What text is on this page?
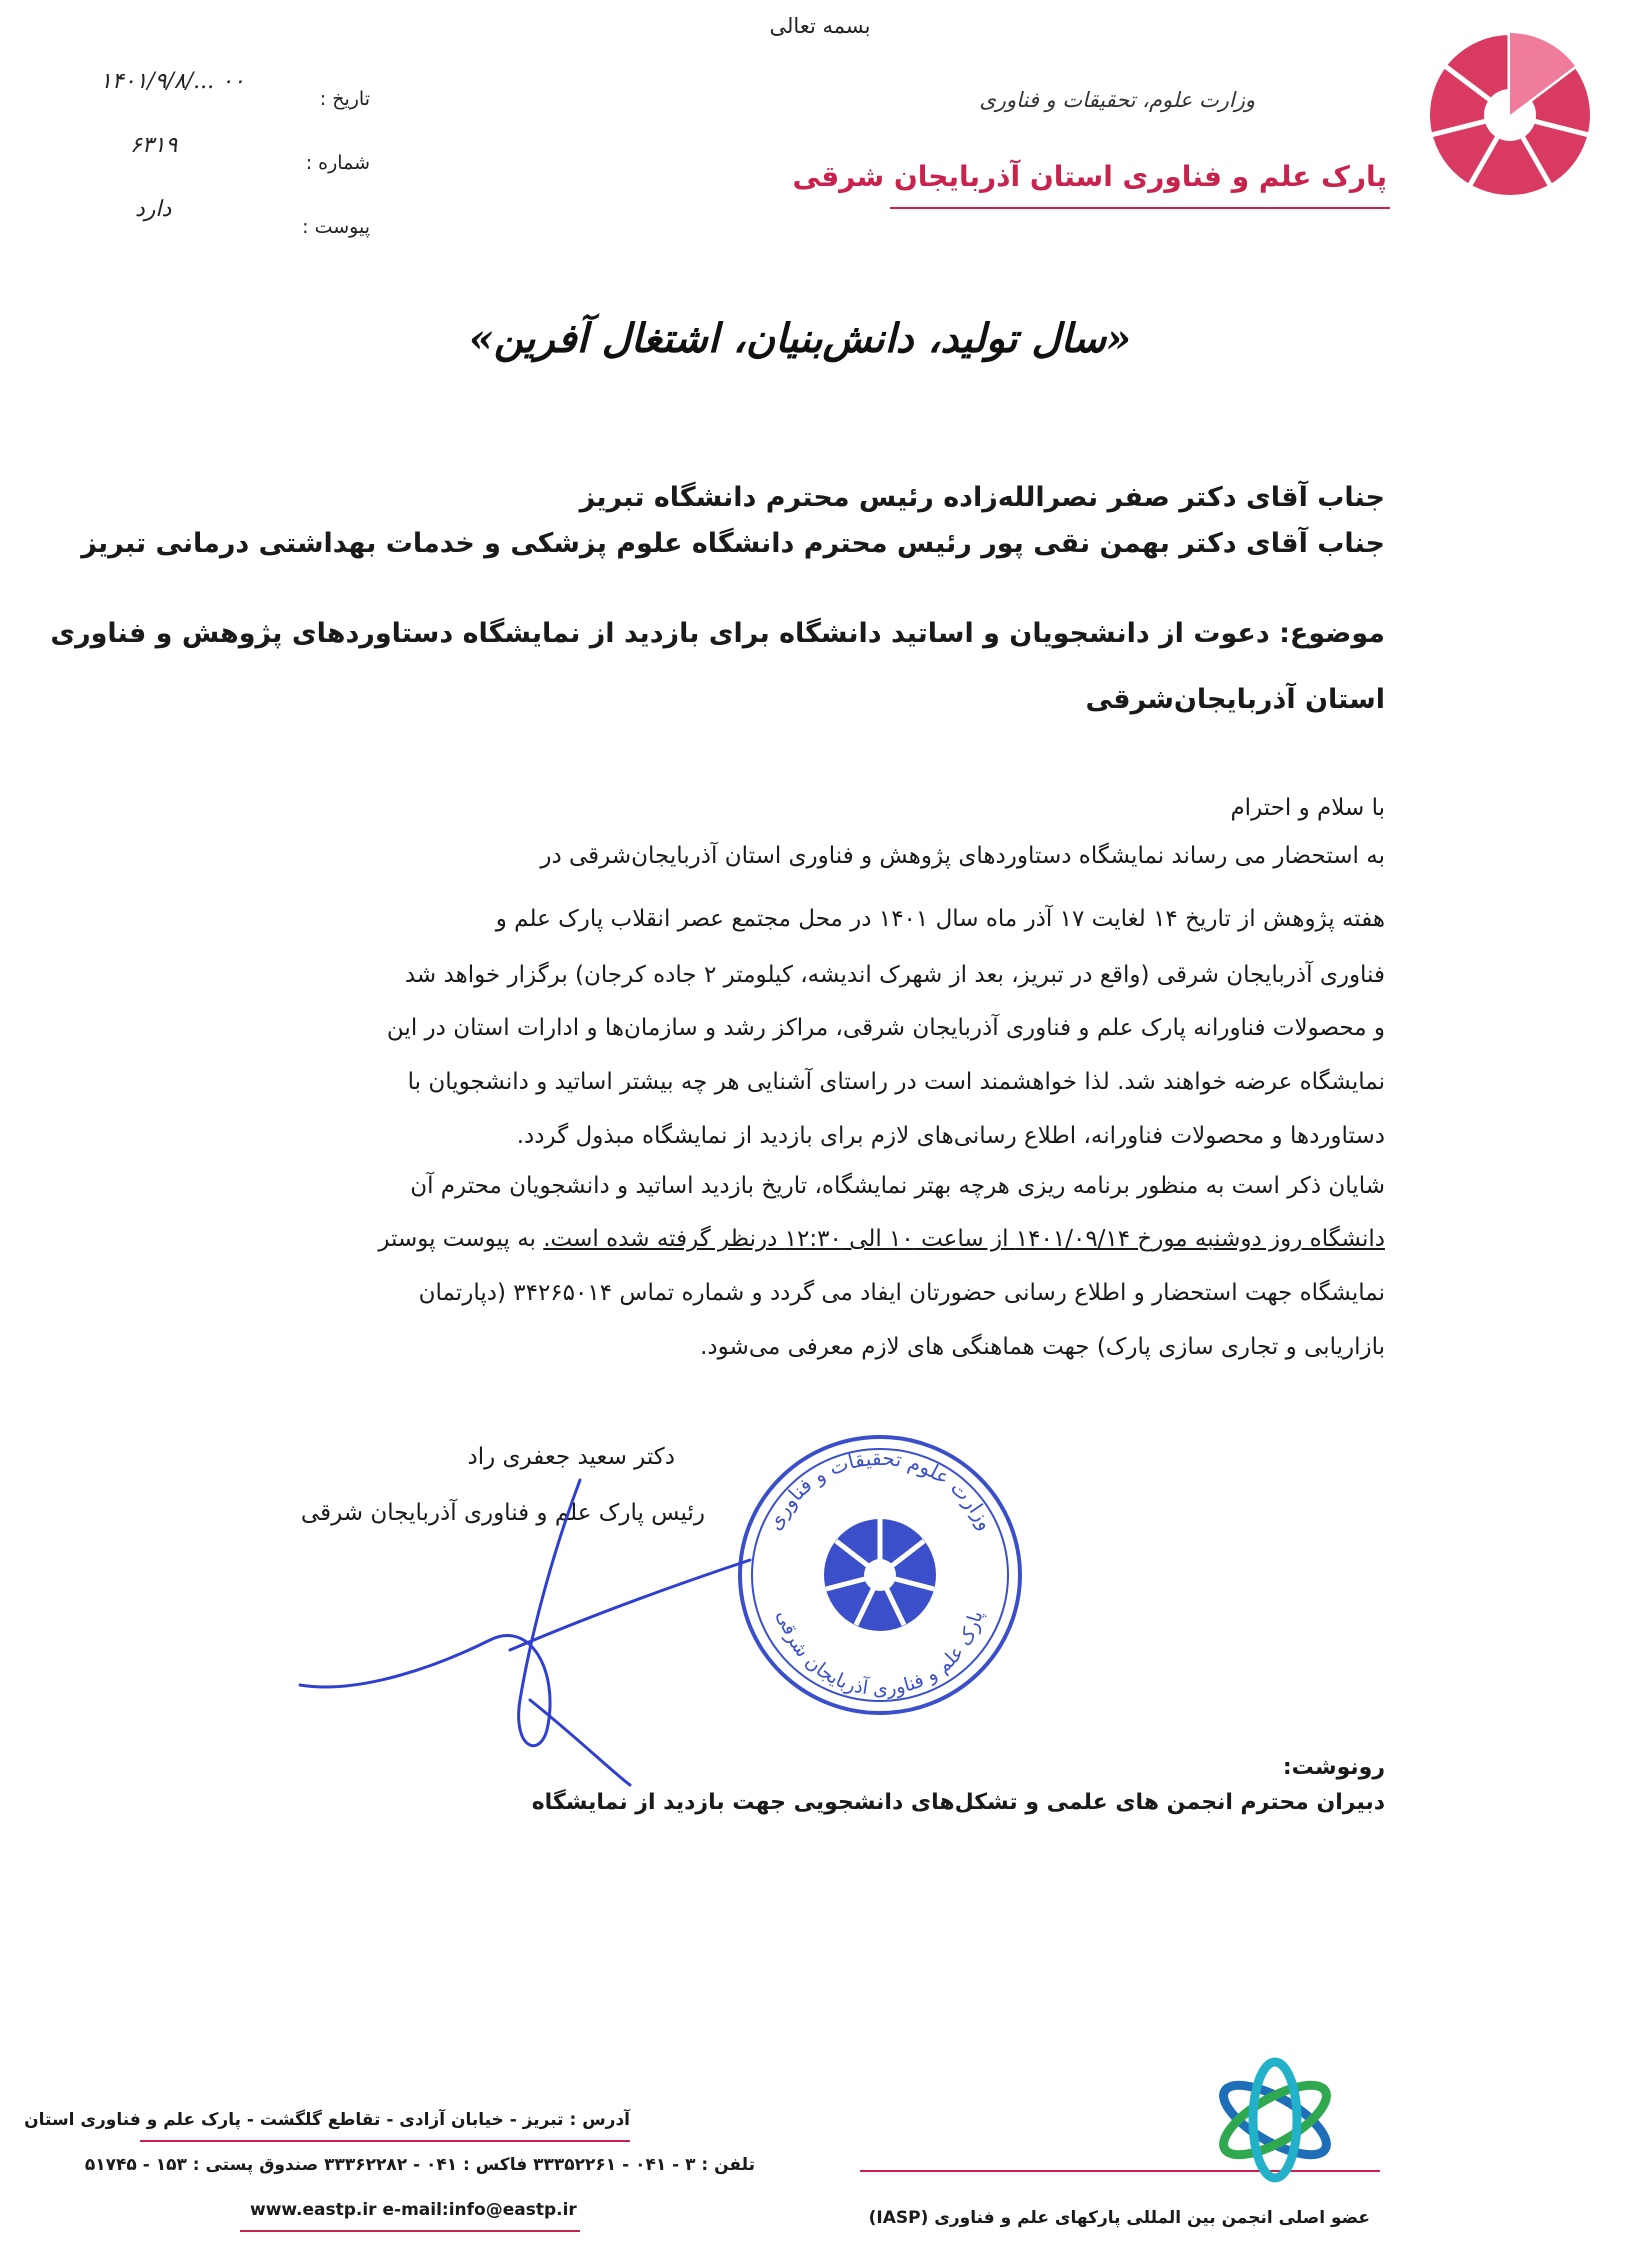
بسمه تعالی
وزارت علوم، تحقیقات و فناوری
پارک علم و فناوری استان آذربایجان شرقی
تاریخ :
۱۴۰۱/۹/۸/... ۰۰
شماره :
۶۳۱۹
پیوست :
دارد
«سال تولید، دانش‌بنیان، اشتغال آفرین»
جناب آقای دکتر صفر نصرالله‌زاده رئیس محترم دانشگاه تبریز
جناب آقای دکتر بهمن نقی پور رئیس محترم دانشگاه علوم پزشکی و خدمات بهداشتی درمانی تبریز
موضوع: دعوت از دانشجویان و اساتید دانشگاه برای بازدید از نمایشگاه دستاوردهای پژوهش و فناوری
استان آذربایجان‌شرقی
با سلام و احترام
به استحضار می رساند نمایشگاه دستاوردهای پژوهش و فناوری استان آذربایجان‌شرقی در
هفته پژوهش از تاریخ ۱۴ لغایت ۱۷ آذر ماه سال ۱۴۰۱ در محل مجتمع عصر انقلاب پارک علم و
فناوری آذربایجان شرقی (واقع در تبریز، بعد از شهرک اندیشه، کیلومتر ۲ جاده کرجان) برگزار خواهد شد
و محصولات فناورانه پارک علم و فناوری آذربایجان شرقی، مراکز رشد و سازمان‌ها و ادارات استان در این
نمایشگاه عرضه خواهند شد. لذا خواهشمند است در راستای آشنایی هر چه بیشتر اساتید و دانشجویان با
دستاوردها و محصولات فناورانه، اطلاع رسانی‌های لازم برای بازدید از نمایشگاه مبذول گردد.
شایان ذکر است به منظور برنامه ریزی هرچه بهتر نمایشگاه، تاریخ بازدید اساتید و دانشجویان محترم آن
دانشگاه روز دوشنبه مورخ ۱۴۰۱/۰۹/۱۴ از ساعت ۱۰ الی ۱۲:۳۰ درنظر گرفته شده است. به پیوست پوستر
نمایشگاه جهت استحضار و اطلاع رسانی حضورتان ایفاد می گردد و شماره تماس ۳۴۲۶۵۰۱۴ (دپارتمان
بازاریابی و تجاری سازی پارک) جهت هماهنگی های لازم معرفی می‌شود.
دکتر سعید جعفری راد
رئیس پارک علم و فناوری آذربایجان شرقی	وزارت علوم تحقیقات و فناوری
پارک علم و فناوری آذربایجان شرقی
رونوشت:
دبیران محترم انجمن های علمی و تشکل‌های دانشجویی جهت بازدید از نمایشگاه
آدرس : تبریز - خیابان آزادی - تقاطع گلگشت - پارک علم و فناوری استان
تلفن : ۳ - ۰۴۱ - ۳۳۳۵۲۲۶۱ فاکس : ۰۴۱ - ۳۳۳۶۲۲۸۲ صندوق پستی : ۱۵۳ - ۵۱۷۴۵
www.eastp.ir e-mail:info@eastp.ir	عضو اصلی انجمن بین المللی پارکهای علم و فناوری (IASP)
